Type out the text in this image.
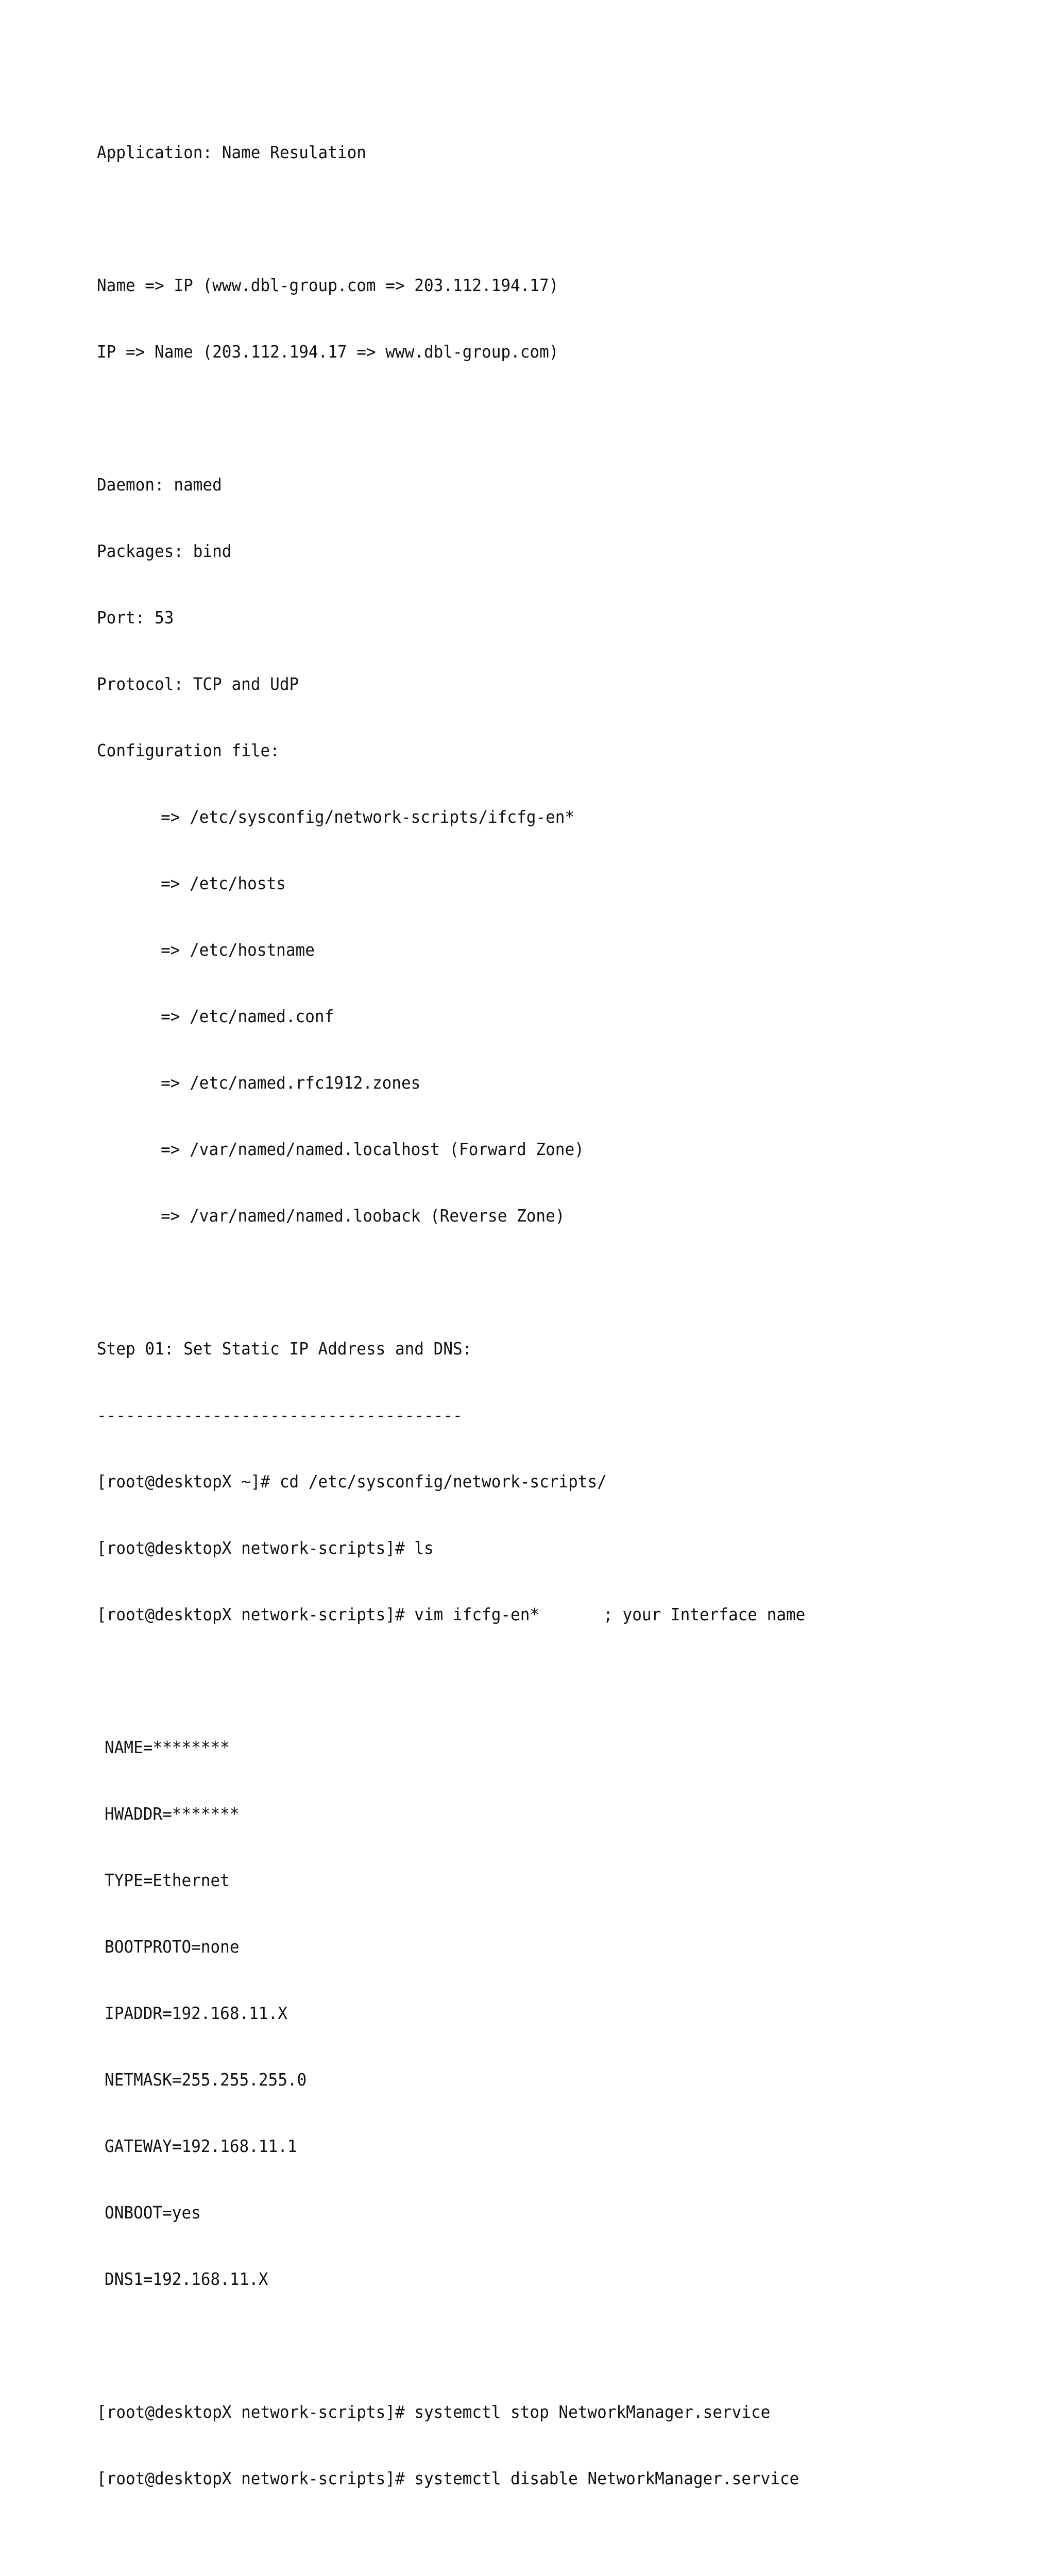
Application: Name Resulation

Name => IP (www.dbl-group.com => 203.112.194.17)

IP => Name (203.112.194.17 => www.dbl-group.com)

Daemon: named

Packages: bind

Port: 53

Protocol: TCP and UdP

Configuration file:

=> /etc/sysconfig/network-scripts/ifcfg-en*

=> /etc/hosts

=> /etc/hostname

=> /etc/named.conf

=> /etc/named.rfc1912.zones

=> /var/named/named.localhost (Forward Zone)

=> /var/named/named.looback (Reverse Zone)

Step 01: Set Static IP Address and DNS:

--------------------------------------

[root@desktopX ~]# cd /etc/sysconfig/network-scripts/

[root@desktopX network-scripts]# ls

[root@desktopX network-scripts]# vim ifcfg-en*	; your Interface name

NAME=********

HWADDR=*******

TYPE=Ethernet

BOOTPROTO=none

IPADDR=192.168.11.X

NETMASK=255.255.255.0

GATEWAY=192.168.11.1

ONBOOT=yes

DNS1=192.168.11.X

[root@desktopX network-scripts]# systemctl stop NetworkManager.service

[root@desktopX network-scripts]# systemctl disable NetworkManager.service
